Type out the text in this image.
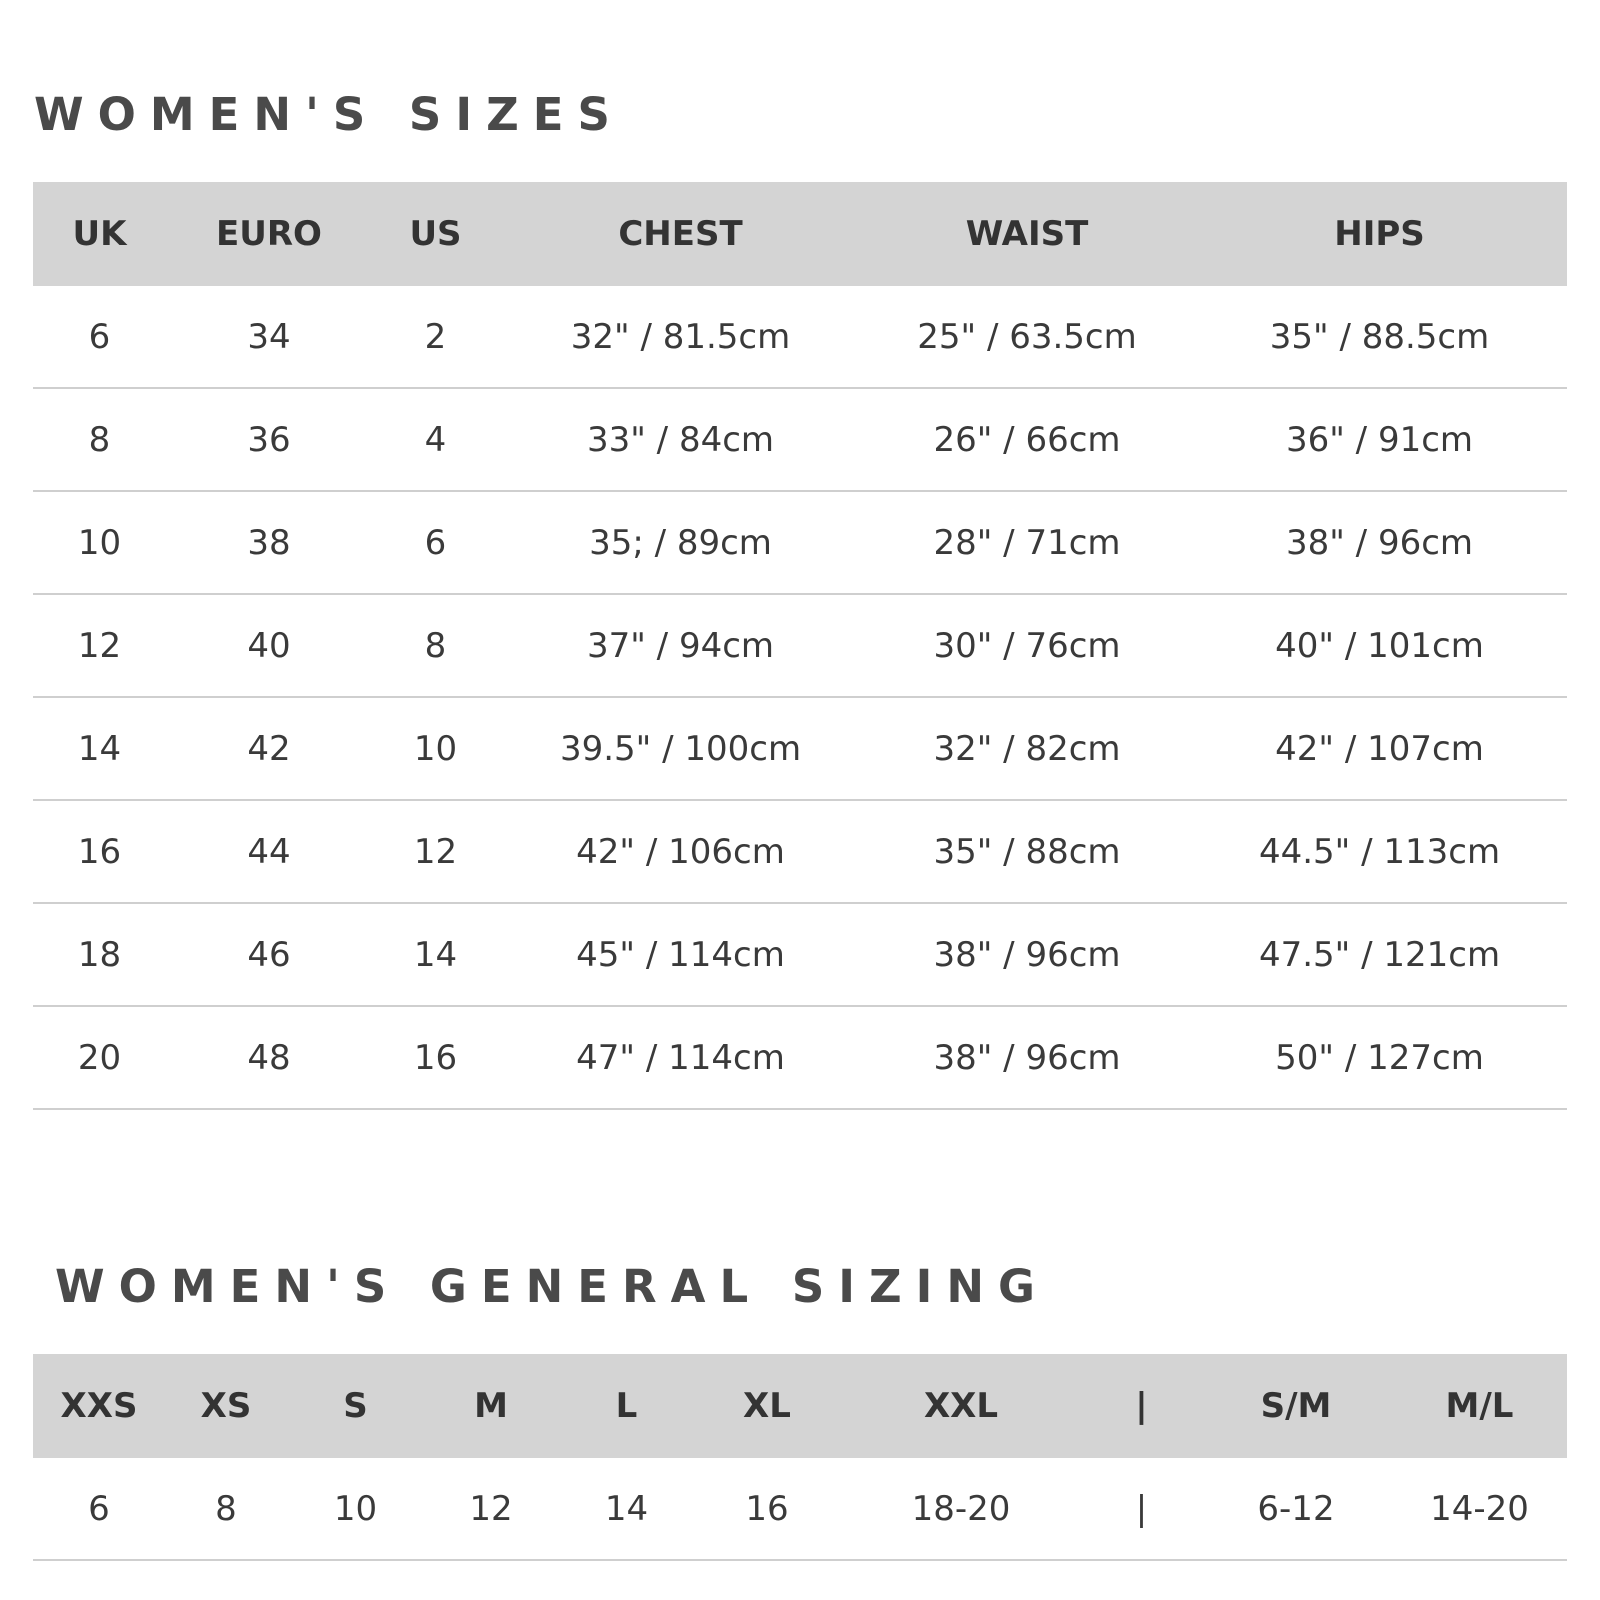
WOMEN'S SIZES
UK	EURO	US	CHEST	WAIST	HIPS
6	34	2	32" / 81.5cm	25" / 63.5cm	35" / 88.5cm
8	36	4	33" / 84cm	26" / 66cm	36" / 91cm
10	38	6	35; / 89cm	28" / 71cm	38" / 96cm
12	40	8	37" / 94cm	30" / 76cm	40" / 101cm
14	42	10	39.5" / 100cm	32" / 82cm	42" / 107cm
16	44	12	42" / 106cm	35" / 88cm	44.5" / 113cm
18	46	14	45" / 114cm	38" / 96cm	47.5" / 121cm
20	48	16	47" / 114cm	38" / 96cm	50" / 127cm
WOMEN'S GENERAL SIZING
XXS	XS	S	M	L	XL	XXL	|	S/M	M/L
6	8	10	12	14	16	18-20	|	6-12	14-20
